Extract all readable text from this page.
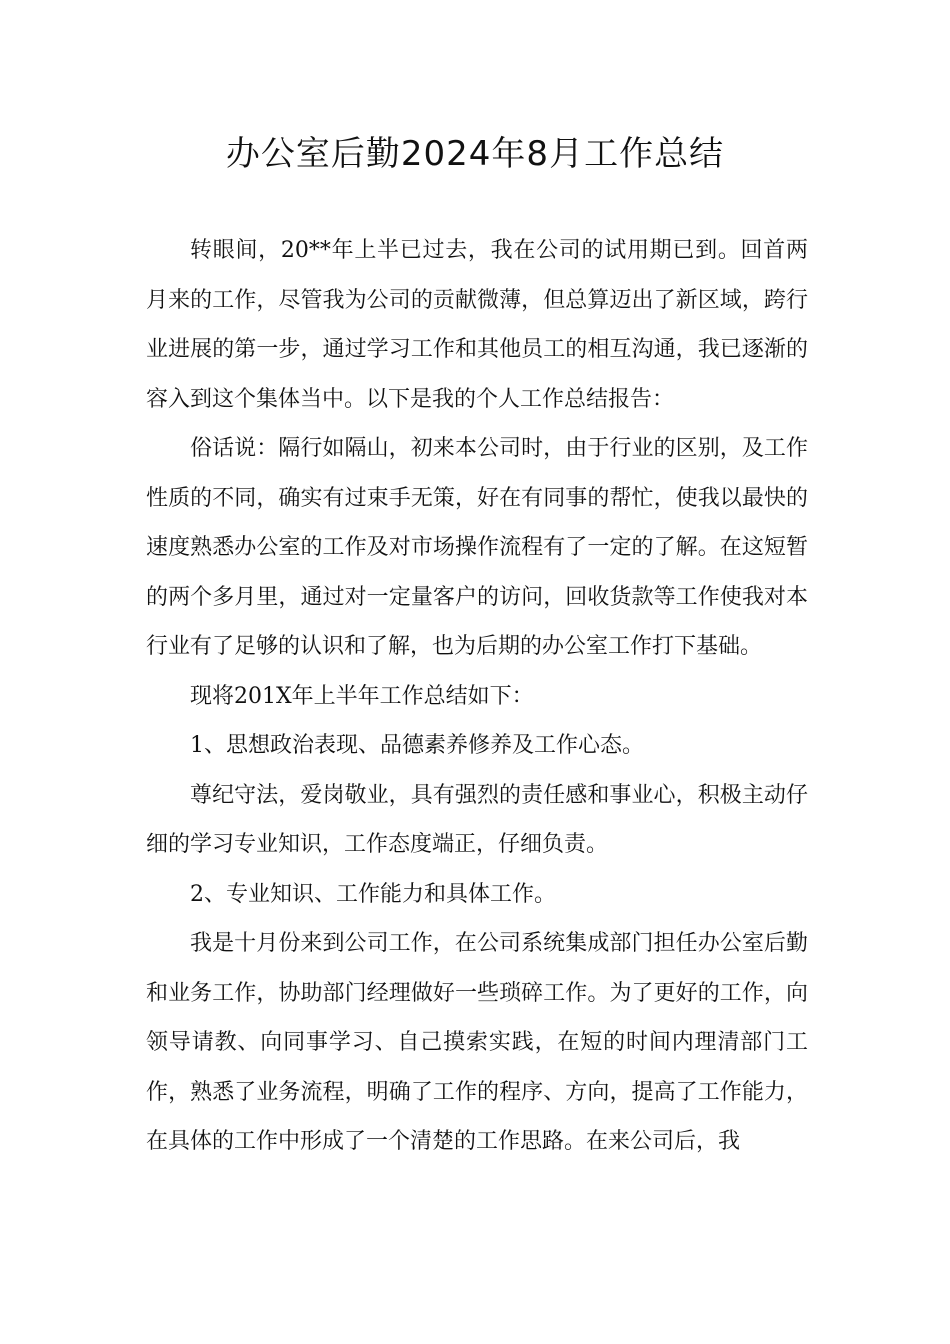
办公室后勤2024年8月工作总结

转眼间，20**年上半已过去，我在公司的试用期已到。回首两月来的工作，尽管我为公司的贡献微薄，但总算迈出了新区域，跨行业进展的第一步，通过学习工作和其他员工的相互沟通，我已逐渐的容入到这个集体当中。以下是我的个人工作总结报告：

俗话说：隔行如隔山，初来本公司时，由于行业的区别，及工作性质的不同，确实有过束手无策，好在有同事的帮忙，使我以最快的速度熟悉办公室的工作及对市场操作流程有了一定的了解。在这短暂的两个多月里，通过对一定量客户的访问，回收货款等工作使我对本行业有了足够的认识和了解，也为后期的办公室工作打下基础。

现将201X年上半年工作总结如下：

1、思想政治表现、品德素养修养及工作心态。

尊纪守法，爱岗敬业，具有强烈的责任感和事业心，积极主动仔细的学习专业知识，工作态度端正，仔细负责。

2、专业知识、工作能力和具体工作。

我是十月份来到公司工作，在公司系统集成部门担任办公室后勤和业务工作，协助部门经理做好一些琐碎工作。为了更好的工作，向领导请教、向同事学习、自己摸索实践，在短的时间内理清部门工作，熟悉了业务流程，明确了工作的程序、方向，提高了工作能力，在具体的工作中形成了一个清楚的工作思路。在来公司后，我
